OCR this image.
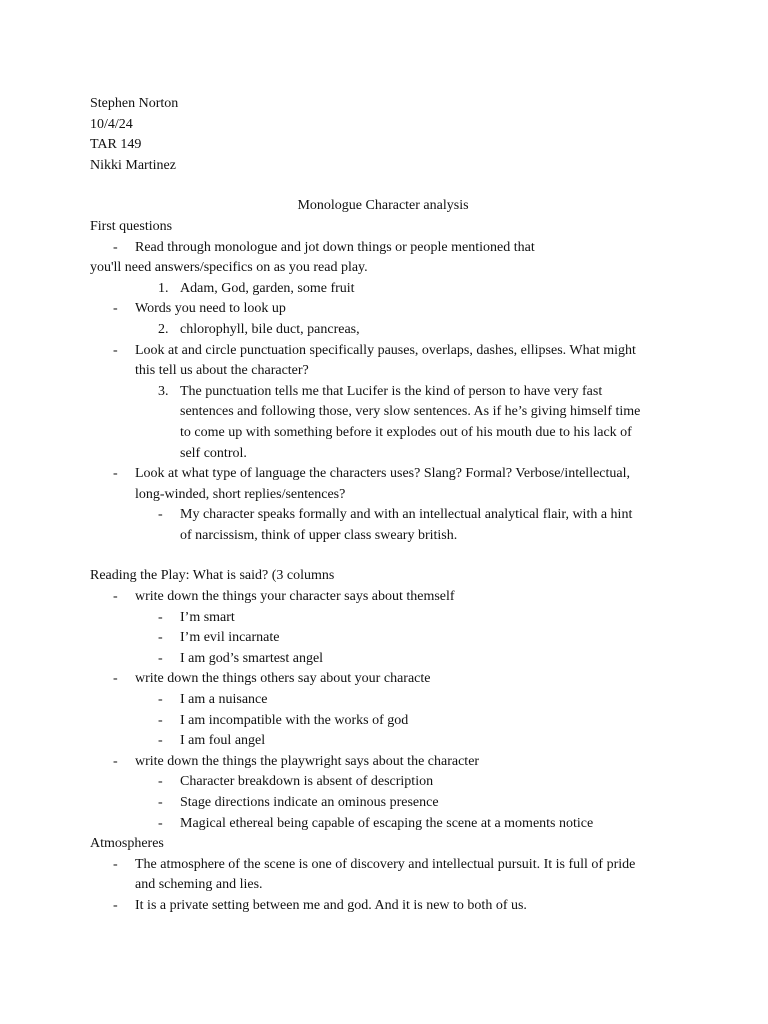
Stephen Norton
10/4/24
TAR 149
Nikki Martinez
Monologue Character analysis
First questions
- Read through monologue and jot down things or people mentioned that
you'll need answers/specifics on as you read play.
1. Adam, God, garden, some fruit
- Words you need to look up
2. chlorophyll, bile duct, pancreas,
- Look at and circle punctuation specifically pauses, overlaps, dashes, ellipses. What might
this tell us about the character?
3. The punctuation tells me that Lucifer is the kind of person to have very fast
sentences and following those, very slow sentences. As if he’s giving himself time
to come up with something before it explodes out of his mouth due to his lack of
self control.
- Look at what type of language the characters uses? Slang? Formal? Verbose/intellectual,
long-winded, short replies/sentences?
- My character speaks formally and with an intellectual analytical flair, with a hint
of narcissism, think of upper class sweary british.
Reading the Play: What is said? (3 columns
- write down the things your character says about themself
- I’m smart
- I’m evil incarnate
- I am god’s smartest angel
- write down the things others say about your characte
- I am a nuisance
- I am incompatible with the works of god
- I am foul angel
- write down the things the playwright says about the character
- Character breakdown is absent of description
- Stage directions indicate an ominous presence
- Magical ethereal being capable of escaping the scene at a moments notice
Atmospheres
- The atmosphere of the scene is one of discovery and intellectual pursuit. It is full of pride
and scheming and lies.
- It is a private setting between me and god. And it is new to both of us.
